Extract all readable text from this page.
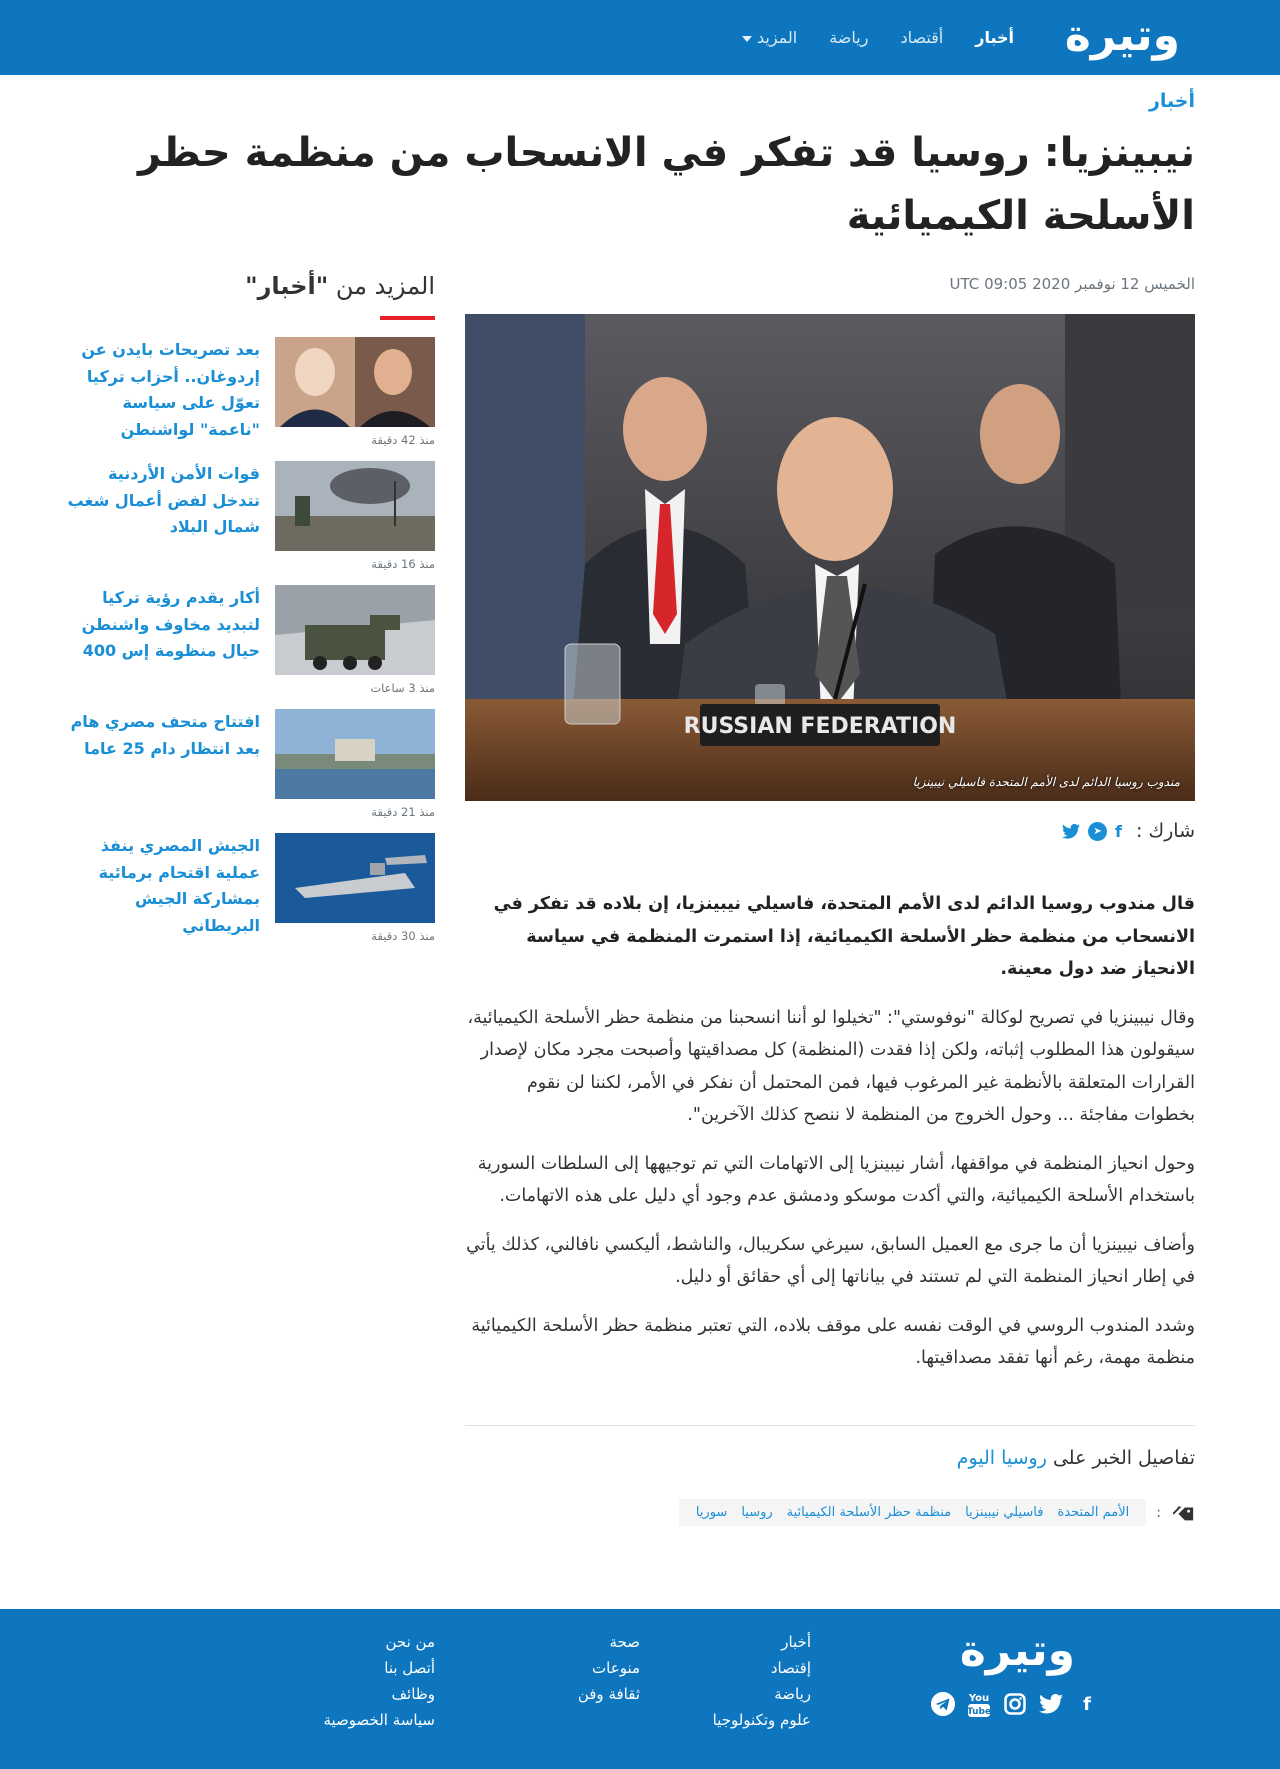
وتيرة
أخبار
أقتصاد
رياضة
المزيد
أخبار
نيبينزيا: روسيا قد تفكر في الانسحاب من منظمة حظر الأسلحة الكيميائية
الخميس 12 نوفمبر 2020 09:05 UTC
RUSSIAN FEDERATION
مندوب روسيا الدائم لدى الأمم المتحدة فاسيلي نيبينزيا
شارك :
f
➤

قال مندوب روسيا الدائم لدى الأمم المتحدة، فاسيلي نيبينزيا، إن بلاده قد تفكر في الانسحاب من منظمة حظر الأسلحة الكيميائية، إذا استمرت المنظمة في سياسة الانحياز ضد دول معينة.

وقال نيبينزيا في تصريح لوكالة "نوفوستي": "تخيلوا لو أننا انسحبنا من منظمة حظر الأسلحة الكيميائية، سيقولون هذا المطلوب إثباته، ولكن إذا فقدت (المنظمة) كل مصداقيتها وأصبحت مجرد مكان لإصدار القرارات المتعلقة بالأنظمة غير المرغوب فيها، فمن المحتمل أن نفكر في الأمر، لكننا لن نقوم بخطوات مفاجئة ... وحول الخروج من المنظمة لا ننصح كذلك الآخرين".

وحول انحياز المنظمة في مواقفها، أشار نيبينزيا إلى الاتهامات التي تم توجيهها إلى السلطات السورية باستخدام الأسلحة الكيميائية، والتي أكدت موسكو ودمشق عدم وجود أي دليل على هذه الاتهامات.

وأضاف نيبينزيا أن ما جرى مع العميل السابق، سيرغي سكريبال، والناشط، أليكسي نافالني، كذلك يأتي في إطار انحياز المنظمة التي لم تستند في بياناتها إلى أي حقائق أو دليل.

وشدد المندوب الروسي في الوقت نفسه على موقف بلاده، التي تعتبر منظمة حظر الأسلحة الكيميائية منظمة مهمة، رغم أنها تفقد مصداقيتها.

تفاصيل الخبر على روسيا اليوم
:
الأمم المتحدة
فاسيلي نيبينزيا
منظمة حظر الأسلحة الكيميائية
روسيا
سوريا
المزيد من "أخبار"
بعد تصريحات بايدن عن إردوغان.. أحزاب تركيا تعوّل على سياسة "ناعمة" لواشنطن
منذ 42 دقيقة
قوات الأمن الأردنية تتدخل لفض أعمال شغب شمال البلاد
منذ 16 دقيقة
أكار يقدم رؤية تركيا لتبديد مخاوف واشنطن حيال منظومة إس 400
منذ 3 ساعات
افتتاح متحف مصري هام بعد انتظار دام 25 عاما
منذ 21 دقيقة
الجيش المصري ينفذ عملية اقتحام برمائية بمشاركة الجيش البريطاني
منذ 30 دقيقة
وتيرة
f
You
Tube
أخبار
إقتصاد
رياضة
علوم وتكنولوجيا
صحة
منوعات
ثقافة وفن
من نحن
أتصل بنا
وظائف
سياسة الخصوصية
